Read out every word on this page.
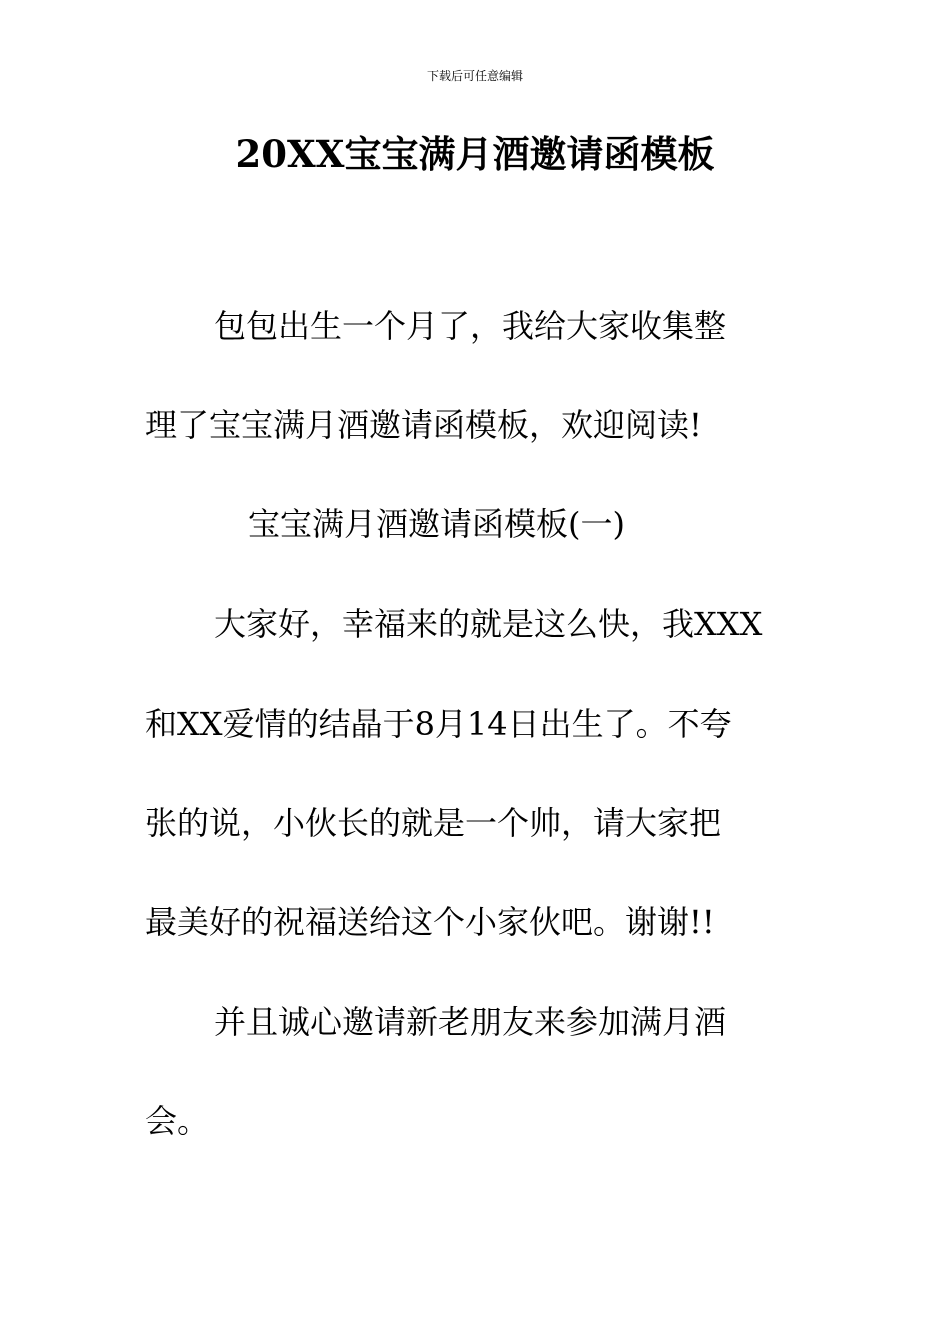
下载后可任意编辑
20XX宝宝满月酒邀请函模板
包包出生一个月了，我给大家收集整
理了宝宝满月酒邀请函模板，欢迎阅读!
宝宝满月酒邀请函模板(一)
大家好，幸福来的就是这么快，我XXX
和XX爱情的结晶于8月14日出生了。不夸
张的说，小伙长的就是一个帅，请大家把
最美好的祝福送给这个小家伙吧。谢谢!!
并且诚心邀请新老朋友来参加满月酒
会。
